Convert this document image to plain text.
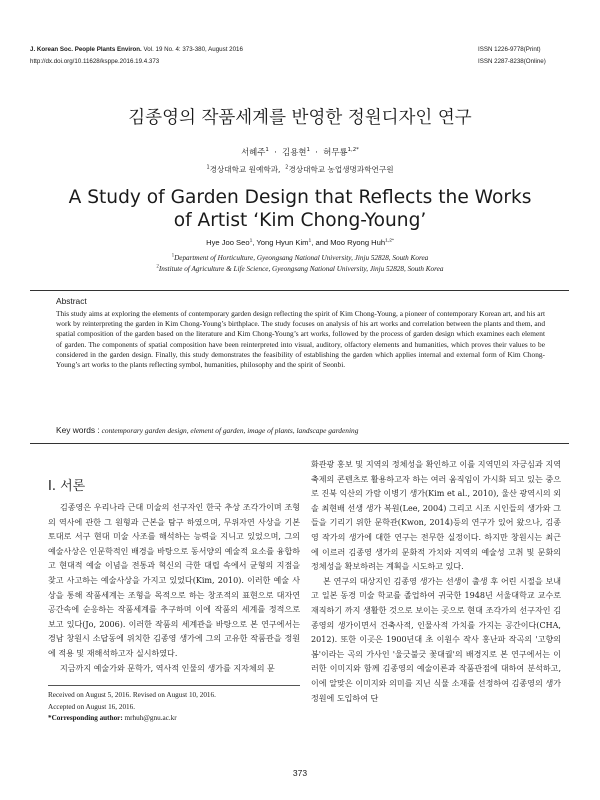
J. Korean Soc. People Plants Environ. Vol. 19 No. 4: 373-380, August 2016
http://dx.doi.org/10.11628/ksppe.2016.19.4.373
ISSN 1226-9778(Print)
ISSN 2287-8238(Online)
김종영의 작품세계를 반영한 정원디자인 연구
서혜주$^1$ · 김용현$^1$ · 허무룡$^{1,2*}$
$^1$경상대학교 원예학과,  $^2$경상대학교 농업생명과학연구원
A Study of Garden Design that Reflects the Works
of Artist ‘Kim Chong-Young’
Hye Joo Seo$^1$, Yong Hyun Kim$^1$, and Moo Ryong Huh$^{1,2*}$
$^1$Department of Horticulture, Gyeongsang National University, Jinju 52828, South Korea
$^2$Institute of Agriculture & Life Science, Gyeongsang National University, Jinju 52828, South Korea
Abstract
This study aims at exploring the elements of contemporary garden design reflecting the spirit of Kim Chong-Young, a pioneer of contemporary Korean art, and his art work by reinterpreting the garden in Kim Chong-Young’s birthplace. The study focuses on analysis of his art works and correlation between the plants and them, and spatial composition of the garden based on the literature and Kim Chong-Young’s art works, followed by the process of garden design which examines each element of garden. The components of spatial composition have been reinterpreted into visual, auditory, olfactory elements and humanities, which proves their values to be considered in the garden design. Finally, this study demonstrates the feasibility of establishing the garden which applies internal and external form of Kim Chong-Young’s art works to the plants reflecting symbol, humanities, philosophy and the spirit of Seonbi.
Key words : contemporary garden design, element of garden, image of plants, landscape gardening
Ⅰ. 서론

김종영은 우리나라 근대 미술의 선구자인 한국 추상 조각가이며 조형의 역사에 관한 그 원형과 근본을 탐구 하였으며, 무위자연 사상을 기본 토대로 서구 현대 미술 사조를 해석하는 능력을 지니고 있었으며, 그의 예술사상은 인문학적인 배경을 바탕으로 동서양의 예술적 요소를 융합하고 현대적 예술 이념을 전통과 혁신의 극한 대립 속에서 균형의 지점을 찾고 사고하는 예술사상을 가지고 있었다(Kim, 2010). 이러한 예술 사상을 통해 작품세계는 조형을 목적으로 하는 창조적의 표현으로 대자연 공간속에 순응하는 작품세계를 추구하며 이에 작품의 세계를 정적으로 보고 있다(Jo, 2006). 이러한 작품의 세계관을 바탕으로 본 연구에서는 경남 창원시 소답동에 위치한 김종영 생가에 그의 고유한 작품관을 정원에 적용 및 재해석하고자 실시하였다.

지금까지 예술가와 문학가, 역사적 인물의 생가를 지자체의 문

화관광 홍보 및 지역의 정체성을 확인하고 이를 지역민의 자긍심과 지역축제의 콘텐츠로 활용하고자 하는 여러 움직임이 가시화 되고 있는 중으로 진북 익산의 가람 이병기 생가(Kim et al., 2010), 울산 광역시의 외솔 최현배 선생 생가 복원(Lee, 2004) 그리고 시조 시인들의 생가와 그 들을 기리기 위한 문학관(Kwon, 2014)등의 연구가 있어 왔으나, 김종영 작가의 생가에 대한 연구는 전무한 실정이다. 하지만 창원시는 최근에 이르러 김종영 생가의 문화적 가치와 지역의 예술성 고취 및 문화의 정체성을 확보하려는 계획을 시도하고 있다.

본 연구의 대상지인 김종영 생가는 선생이 출생 후 어린 시절을 보내고 일본 동경 미술 학교를 졸업하여 귀국한 1948년 서울대학교 교수로 재직하기 까지 생활한 것으로 보이는 곳으로 현대 조각가의 선구자인 김종영의 생가이면서 건축사적, 인물사적 가치를 가지는 공간이다(CHA, 2012). 또한 이곳은 1900년대 초 이원수 작사 홍난파 작곡의 '고향의 봄'이라는 곡의 가사인 '울긋불긋 꽃대궐'의 배경지로 본 연구에서는 이러한 이미지와 함께 김종영의 예술이론과 작품관점에 대하여 분석하고, 이에 알맞은 이미지와 의미를 지닌 식물 소재를 선정하여 김종영의 생가 정원에 도입하여 단

Received on August 5, 2016. Revised on August 10, 2016.
Accepted on August 16, 2016.
*Corresponding author: mrhuh@gnu.ac.kr
373
